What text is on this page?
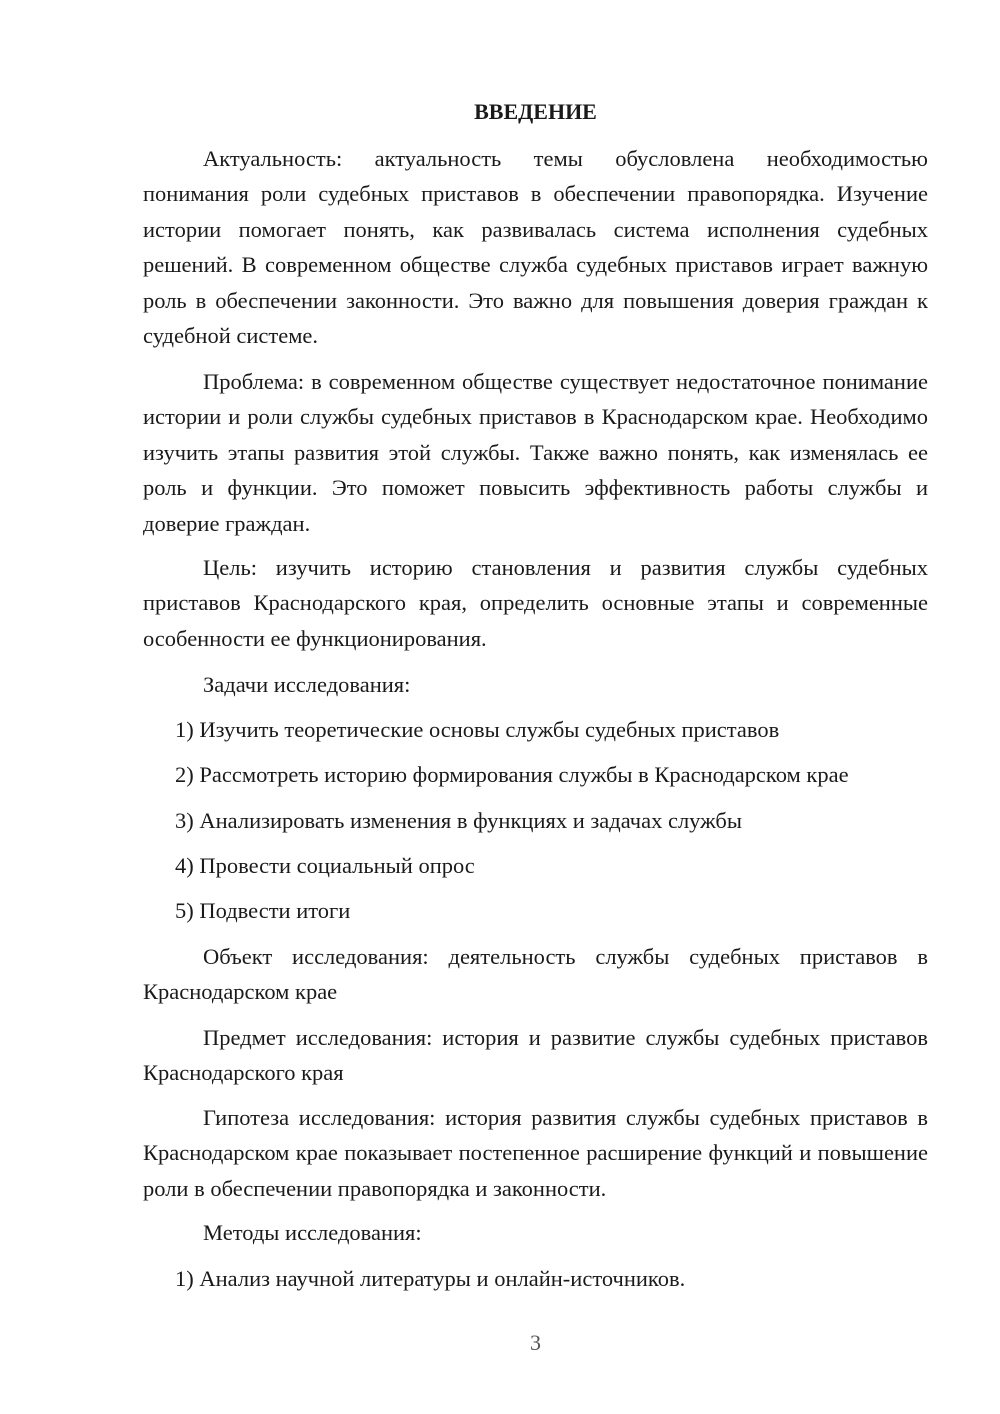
ВВЕДЕНИЕ

Актуальность: актуальность темы обусловлена необходимостью понимания роли судебных приставов в обеспечении правопорядка. Изучение истории помогает понять, как развивалась система исполнения судебных решений. В современном обществе служба судебных приставов играет важную роль в обеспечении законности. Это важно для повышения доверия граждан к судебной системе.

Проблема: в современном обществе существует недостаточное понимание истории и роли службы судебных приставов в Краснодарском крае. Необходимо изучить этапы развития этой службы. Также важно понять, как изменялась ее роль и функции. Это поможет повысить эффективность работы службы и доверие граждан.

Цель: изучить историю становления и развития службы судебных приставов Краснодарского края, определить основные этапы и современные особенности ее функционирования.

Задачи исследования:

1) Изучить теоретические основы службы судебных приставов

2) Рассмотреть историю формирования службы в Краснодарском крае

3) Анализировать изменения в функциях и задачах службы

4) Провести социальный опрос

5) Подвести итоги

Объект исследования: деятельность службы судебных приставов в Краснодарском крае

Предмет исследования: история и развитие службы судебных приставов Краснодарского края

Гипотеза исследования: история развития службы судебных приставов в Краснодарском крае показывает постепенное расширение функций и повышение роли в обеспечении правопорядка и законности.

Методы исследования:

1) Анализ научной литературы и онлайн-источников.

3
